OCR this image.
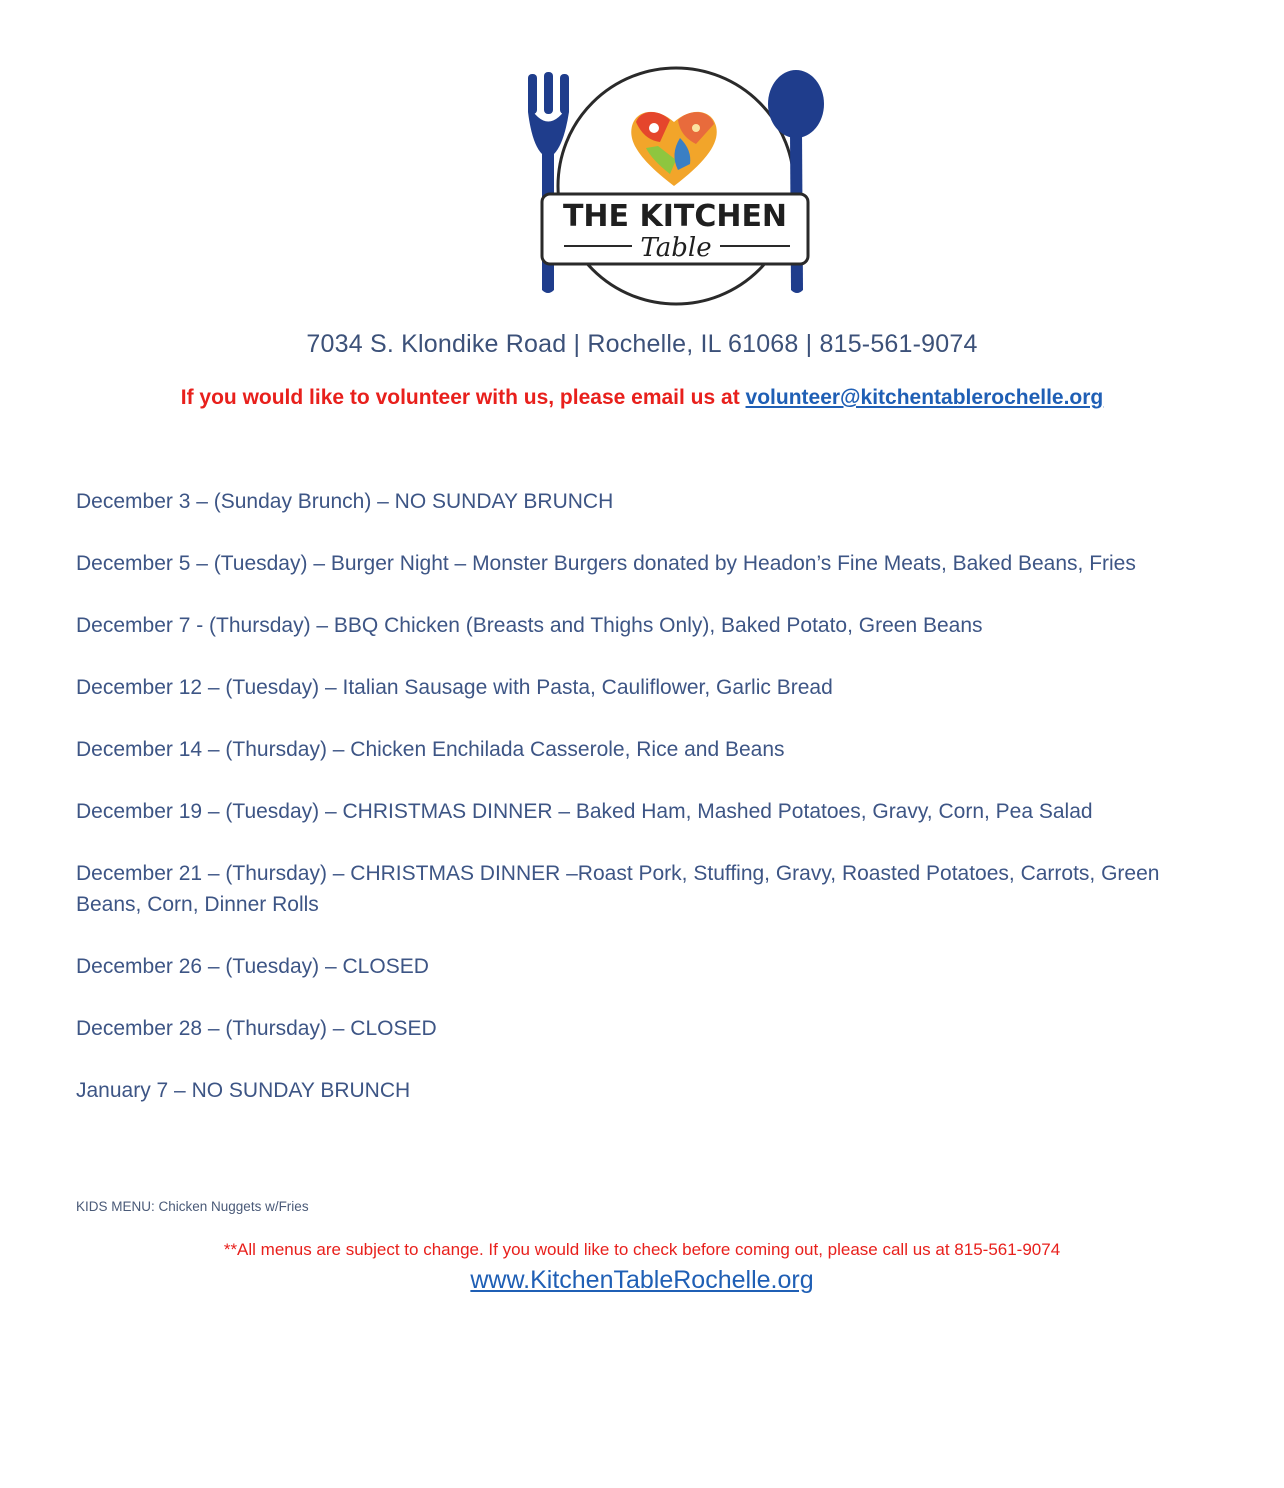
THE KITCHEN
Table
7034 S. Klondike Road | Rochelle, IL 61068 | 815-561-9074
If you would like to volunteer with us, please email us at volunteer@kitchentablerochelle.org
December 3 – (Sunday Brunch) – NO SUNDAY BRUNCH
December 5 – (Tuesday) – Burger Night – Monster Burgers donated by Headon’s Fine Meats, Baked Beans, Fries
December 7 - (Thursday) – BBQ Chicken (Breasts and Thighs Only), Baked Potato, Green Beans
December 12 – (Tuesday) – Italian Sausage with Pasta, Cauliflower, Garlic Bread
December 14 – (Thursday) – Chicken Enchilada Casserole, Rice and Beans
December 19 – (Tuesday) – CHRISTMAS DINNER – Baked Ham, Mashed Potatoes, Gravy, Corn, Pea Salad
December 21 – (Thursday) – CHRISTMAS DINNER –Roast Pork, Stuffing, Gravy, Roasted Potatoes, Carrots, Green Beans, Corn, Dinner Rolls
December 26 – (Tuesday) – CLOSED
December 28 – (Thursday) – CLOSED
January 7 – NO SUNDAY BRUNCH
KIDS MENU: Chicken Nuggets w/Fries
**All menus are subject to change. If you would like to check before coming out, please call us at 815-561-9074
www.KitchenTableRochelle.org
